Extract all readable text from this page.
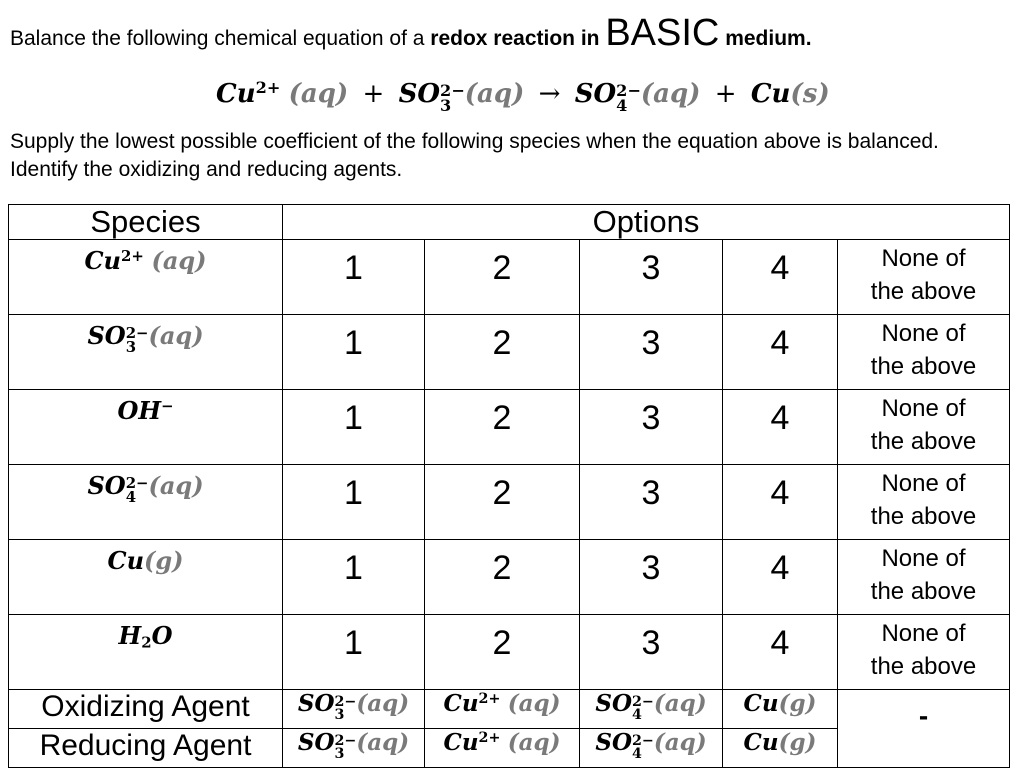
Balance the following chemical equation of a redox reaction in BASIC medium.
$Cu^{2+}$ (aq) + SO 2−
3 (aq) → SO 2−
4 (aq) + Cu(s)
Supply the lowest possible coefficient of the following species when the equation above is balanced. Identify the oxidizing and reducing agents.
Species	Options				
$Cu^{2+}$ (aq)	1	2	3	4	None of
the above
SO 2−
3 (aq)	1	2	3	4	None of
the above
OH−	1	2	3	4	None of
the above
SO 2−
4 (aq)	1	2	3	4	None of
the above
Cu(g)	1	2	3	4	None of
the above
H2O	1	2	3	4	None of
the above
Oxidizing Agent	SO 2−
3 (aq)	$Cu^{2+}$ (aq)	SO 2−
4 (aq)	Cu(g)	-
Reducing Agent	SO 2−
3 (aq)	$Cu^{2+}$ (aq)	SO 2−
4 (aq)	Cu(g)	
